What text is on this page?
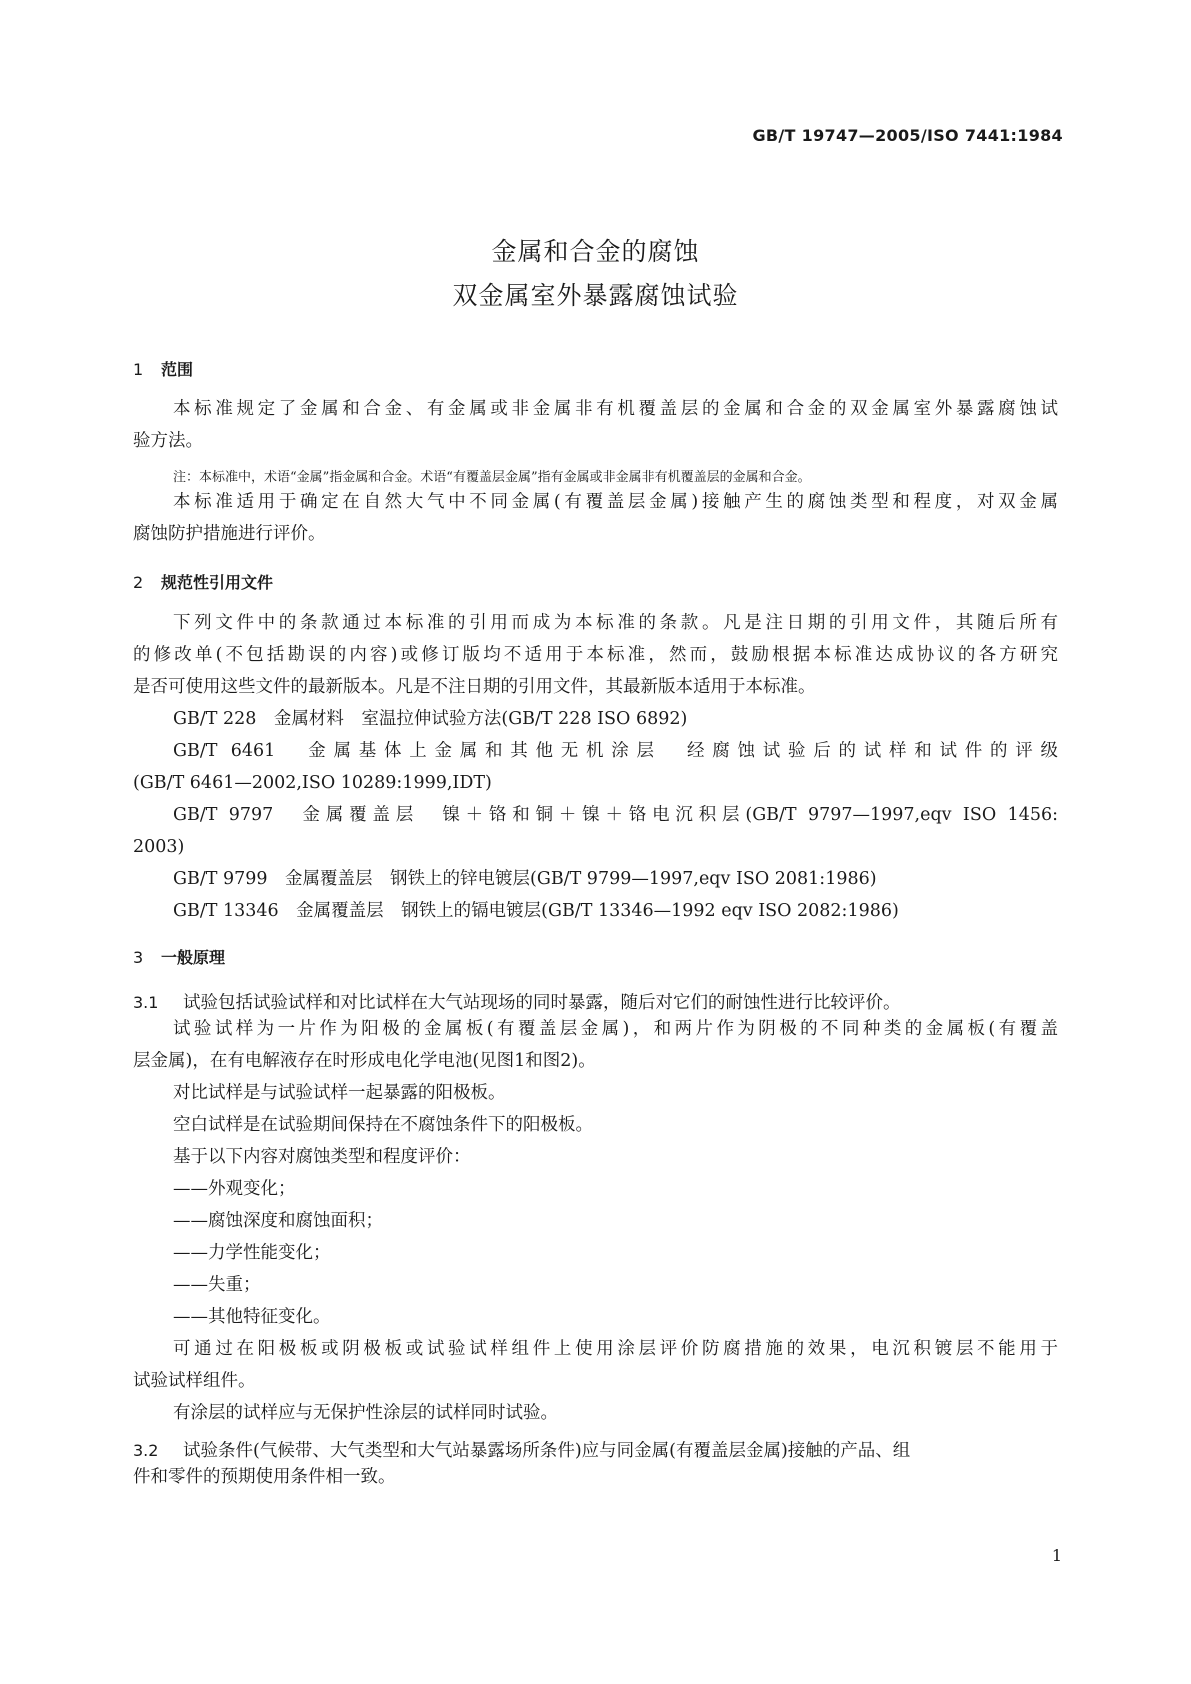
GB/T 19747—2005/ISO 7441:1984
金属和合金的腐蚀
双金属室外暴露腐蚀试验
1 范围
本标准规定了金属和合金、有金属或非金属非有机覆盖层的金属和合金的双金属室外暴露腐蚀试
验方法。
注：本标准中，术语“金属”指金属和合金。术语“有覆盖层金属”指有金属或非金属非有机覆盖层的金属和合金。
本标准适用于确定在自然大气中不同金属(有覆盖层金属)接触产生的腐蚀类型和程度，对双金属
腐蚀防护措施进行评价。
2 规范性引用文件
下列文件中的条款通过本标准的引用而成为本标准的条款。凡是注日期的引用文件，其随后所有
的修改单(不包括勘误的内容)或修订版均不适用于本标准，然而，鼓励根据本标准达成协议的各方研究
是否可使用这些文件的最新版本。凡是不注日期的引用文件，其最新版本适用于本标准。
GB/T 228　金属材料　室温拉伸试验方法(GB/T 228 ISO 6892)
GB/T 6461　金属基体上金属和其他无机涂层　经腐蚀试验后的试样和试件的评级
(GB/T 6461—2002,ISO 10289:1999,IDT)
GB/T 9797　金属覆盖层　镍＋铬和铜＋镍＋铬电沉积层(GB/T 9797—1997,eqv ISO 1456:
2003)
GB/T 9799　金属覆盖层　钢铁上的锌电镀层(GB/T 9799—1997,eqv ISO 2081:1986)
GB/T 13346　金属覆盖层　钢铁上的镉电镀层(GB/T 13346—1992 eqv ISO 2082:1986)
3 一般原理
3.1 试验包括试验试样和对比试样在大气站现场的同时暴露，随后对它们的耐蚀性进行比较评价。
试验试样为一片作为阳极的金属板(有覆盖层金属)，和两片作为阴极的不同种类的金属板(有覆盖
层金属)，在有电解液存在时形成电化学电池(见图1和图2)。
对比试样是与试验试样一起暴露的阳极板。
空白试样是在试验期间保持在不腐蚀条件下的阳极板。
基于以下内容对腐蚀类型和程度评价：
——外观变化；
——腐蚀深度和腐蚀面积；
——力学性能变化；
——失重；
——其他特征变化。
可通过在阳极板或阴极板或试验试样组件上使用涂层评价防腐措施的效果，电沉积镀层不能用于
试验试样组件。
有涂层的试样应与无保护性涂层的试样同时试验。
3.2 试验条件(气候带、大气类型和大气站暴露场所条件)应与同金属(有覆盖层金属)接触的产品、组
件和零件的预期使用条件相一致。
1
